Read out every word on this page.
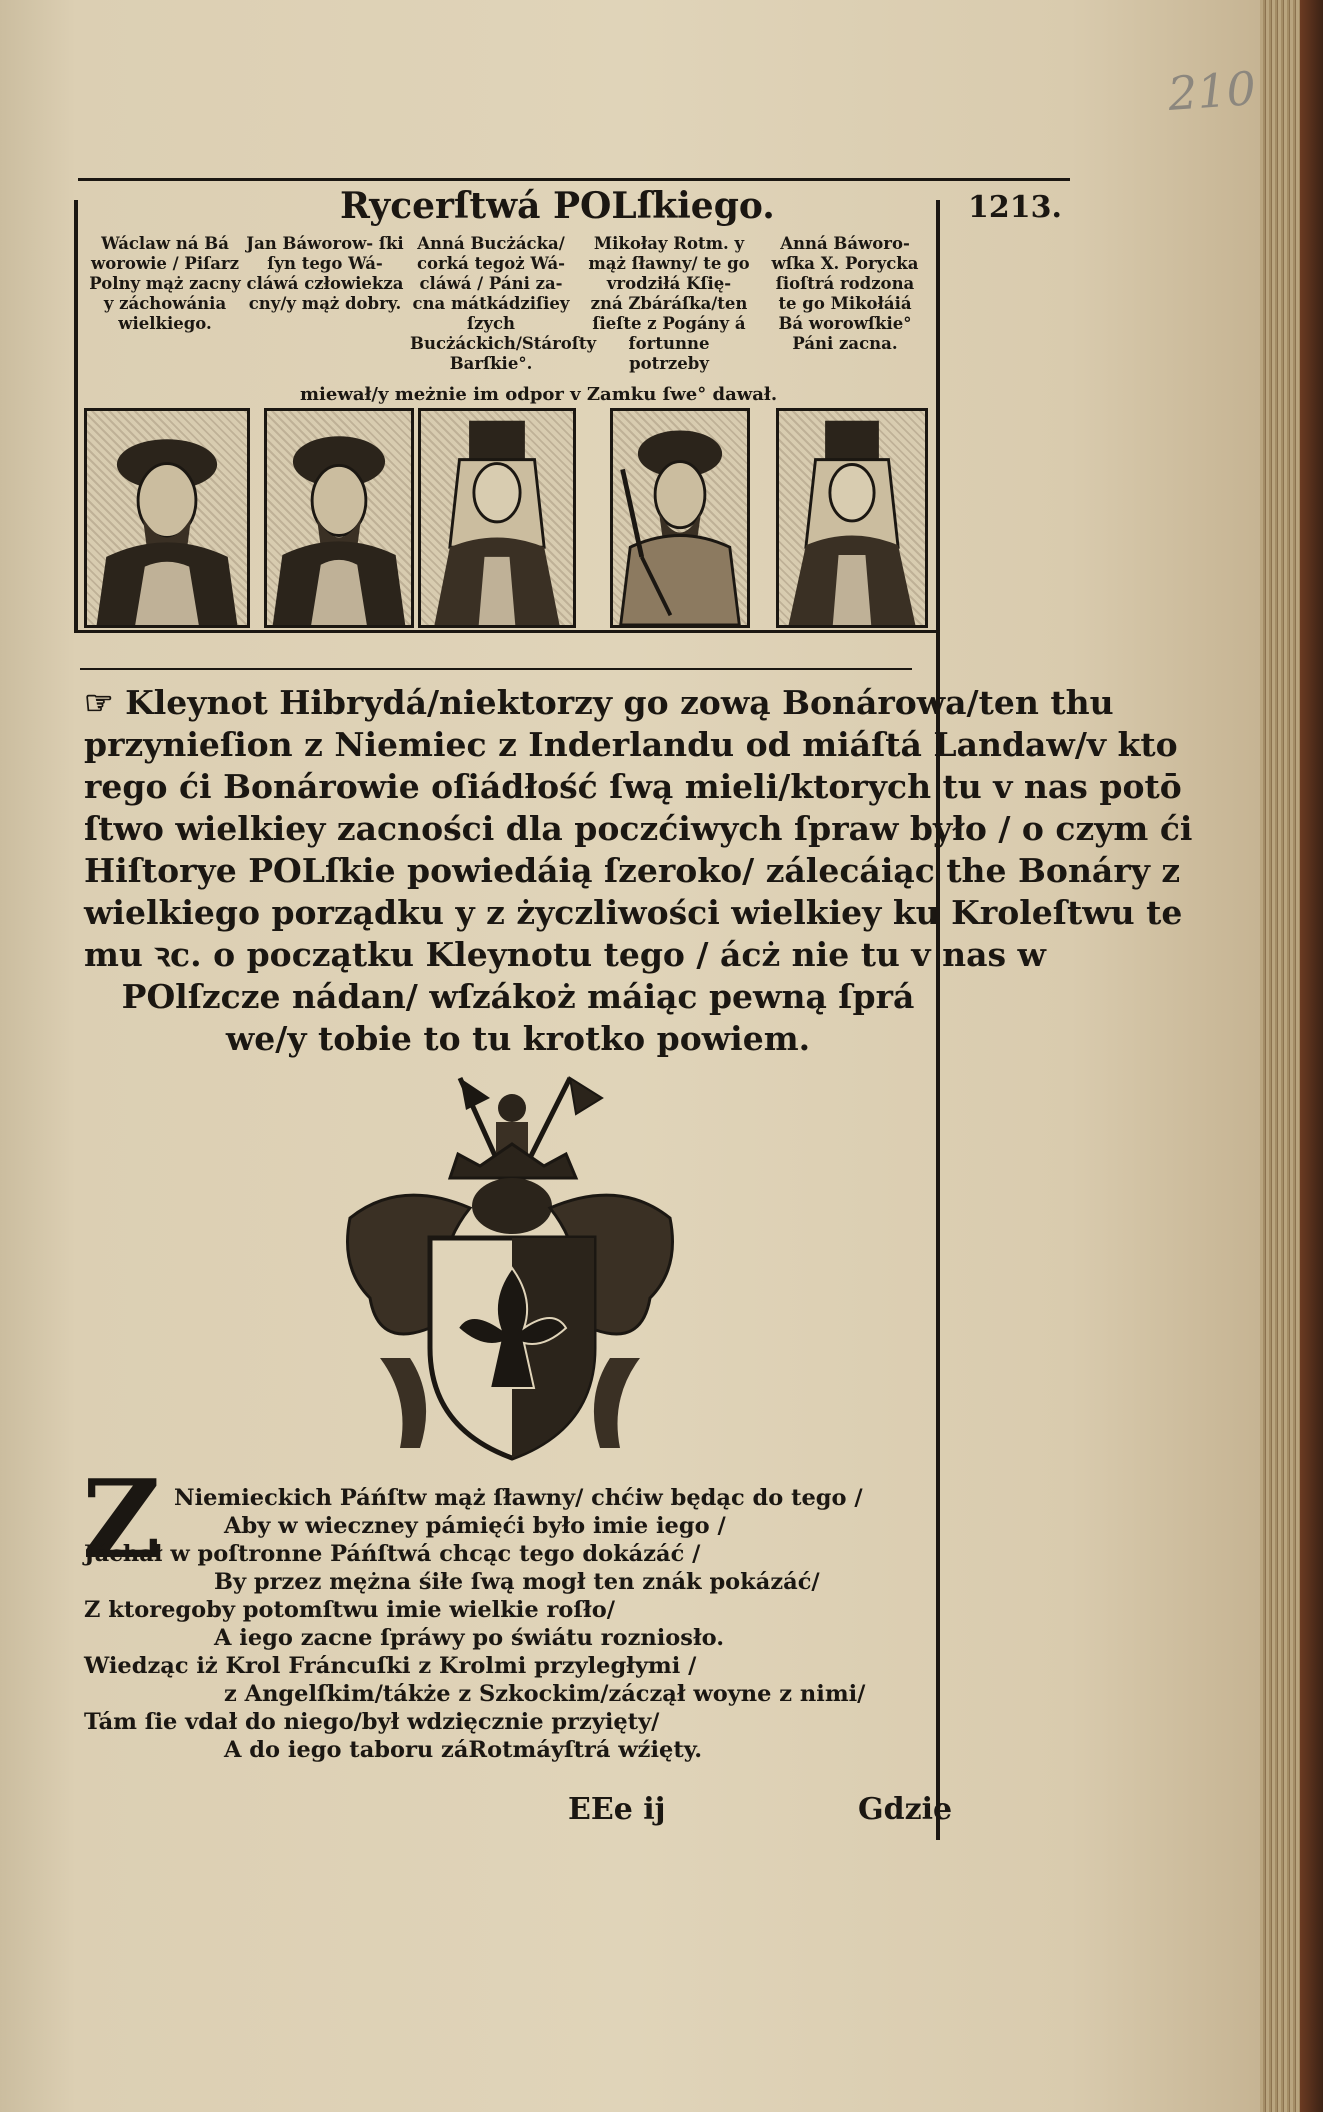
210
Rycerſtwá POLſkiego.	1213.
Wáclaw ná Bá worowie / Piſarz Polny mąż zacny y záchowánia wielkiego.
Jan Báworow‑ ſki ſyn tego Wá‑ cláwá człowiekza cny/y mąż dobry.
Anná Bucżácka/ corká tegoż Wá‑ cláwá / Páni za‑ cna mátkádziſiey ſzych Bucżáckich/Stároſty Barſkie°.
Mikołay Rotm. y mąż ſławny/ te go vrodziłá Kſię‑ zná Zbáráſka/ten ſieſte z Pogány á fortunne potrzeby
Anná Báworo‑ wſka X. Porycka ſioſtrá rodzona te go Mikołáiá Bá worowſkie° Páni zacna.
miewał/y meżnie im odpor v Zamku ſwe° dawał.
☞ Kleynot Hibrydá/niektorzy go zową Bonárowa/ten thu
przynieſion z Niemiec z Inderlandu od miáſtá Landaw/v kto
rego ći Bonárowie oſiádłość ſwą mieli/ktorych tu v nas potō
ſtwo wielkiey zacności dla poczćiwych ſpraw było / o czym ći
Hiſtorye POLſkie powiedáią ſzeroko/ zálecáiąc the Bonáry z
wielkiego porządku y z życzliwości wielkiey ku Kroleſtwu te
mu ꝛc. o początku Kleynotu tego / ácż nie tu v nas w
POlſzcze nádan/ wſzákoż máiąc pewną ſprá
we/y tobie to tu krotko powiem.
Z Niemieckich Páńſtw mąż ſławny/ chćiw będąc do tego /
Aby w wieczney pámięći było imie iego /
Jáchał w poſtronne Páńſtwá chcąc tego dokázáć /
By przez mężna śiłe ſwą mogł ten znák pokázáć/
Z ktoregoby potomſtwu imie wielkie roſło/
A iego zacne ſpráwy po świátu rozniosło.
Wiedząc iż Krol Fráncuſki z Krolmi przyległymi /
z Angelſkim/tákże z Szkockim/záczął woyne z nimi/
Tám ſie vdał do niego/był wdzięcznie przyięty/
A do iego taboru záRotmáyſtrá wźięty.
EEe ij	Gdzie
